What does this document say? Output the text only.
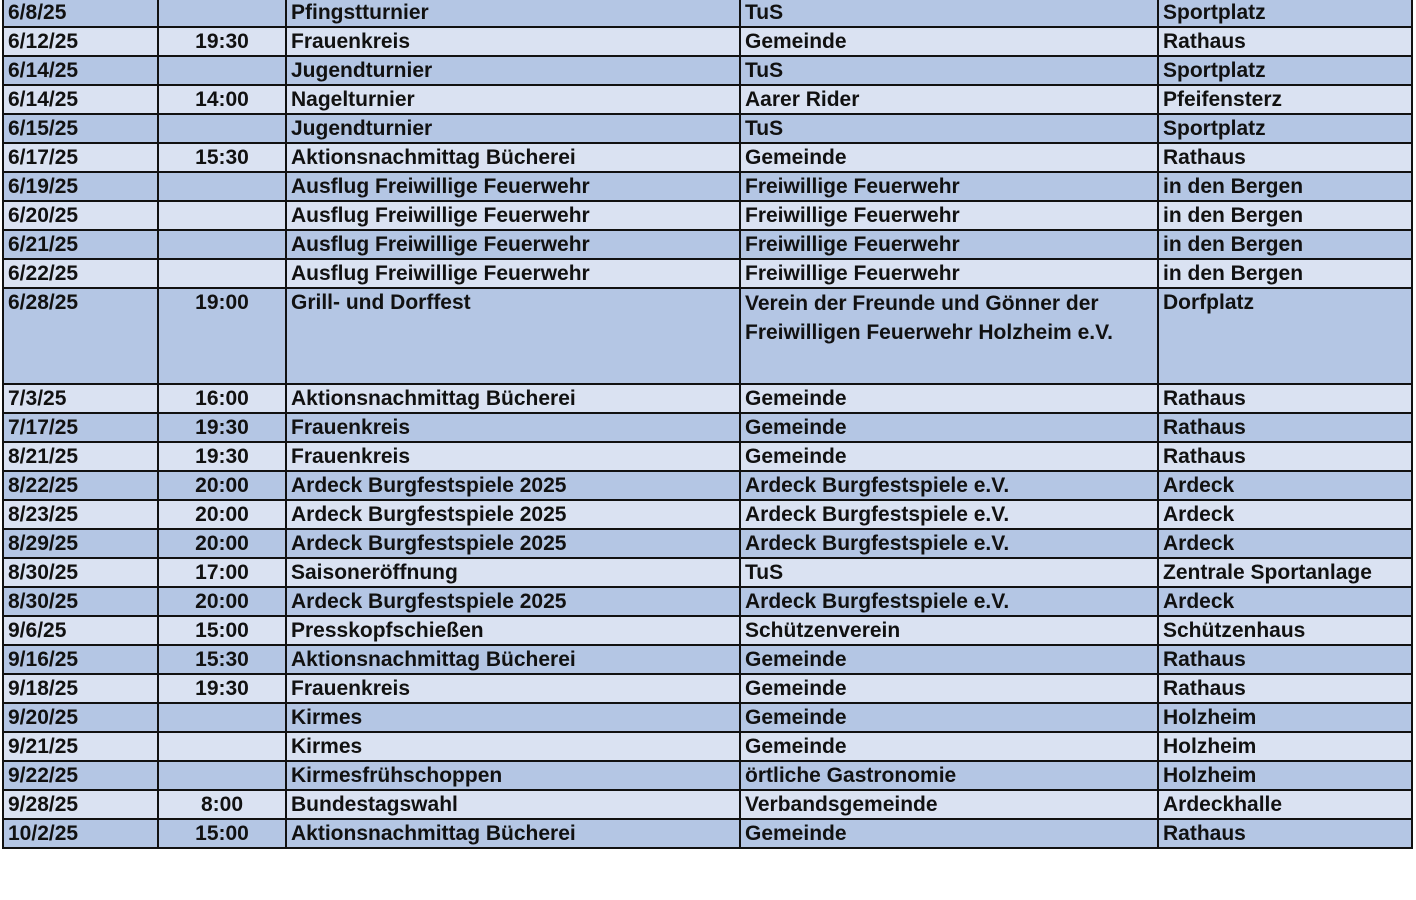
6/8/25		Pfingstturnier	TuS	Sportplatz
6/12/25	19:30	Frauenkreis	Gemeinde	Rathaus
6/14/25		Jugendturnier	TuS	Sportplatz
6/14/25	14:00	Nagelturnier	Aarer Rider	Pfeifensterz
6/15/25		Jugendturnier	TuS	Sportplatz
6/17/25	15:30	Aktionsnachmittag Bücherei	Gemeinde	Rathaus
6/19/25		Ausflug Freiwillige Feuerwehr	Freiwillige Feuerwehr	in den Bergen
6/20/25		Ausflug Freiwillige Feuerwehr	Freiwillige Feuerwehr	in den Bergen
6/21/25		Ausflug Freiwillige Feuerwehr	Freiwillige Feuerwehr	in den Bergen
6/22/25		Ausflug Freiwillige Feuerwehr	Freiwillige Feuerwehr	in den Bergen
6/28/25	19:00	Grill- und Dorffest	Verein der Freunde und Gönner der Freiwilligen Feuerwehr Holzheim e.V.	Dorfplatz
7/3/25	16:00	Aktionsnachmittag Bücherei	Gemeinde	Rathaus
7/17/25	19:30	Frauenkreis	Gemeinde	Rathaus
8/21/25	19:30	Frauenkreis	Gemeinde	Rathaus
8/22/25	20:00	Ardeck Burgfestspiele 2025	Ardeck Burgfestspiele e.V.	Ardeck
8/23/25	20:00	Ardeck Burgfestspiele 2025	Ardeck Burgfestspiele e.V.	Ardeck
8/29/25	20:00	Ardeck Burgfestspiele 2025	Ardeck Burgfestspiele e.V.	Ardeck
8/30/25	17:00	Saisoneröffnung	TuS	Zentrale Sportanlage
8/30/25	20:00	Ardeck Burgfestspiele 2025	Ardeck Burgfestspiele e.V.	Ardeck
9/6/25	15:00	Presskopfschießen	Schützenverein	Schützenhaus
9/16/25	15:30	Aktionsnachmittag Bücherei	Gemeinde	Rathaus
9/18/25	19:30	Frauenkreis	Gemeinde	Rathaus
9/20/25		Kirmes	Gemeinde	Holzheim
9/21/25		Kirmes	Gemeinde	Holzheim
9/22/25		Kirmesfrühschoppen	örtliche Gastronomie	Holzheim
9/28/25	8:00	Bundestagswahl	Verbandsgemeinde	Ardeckhalle
10/2/25	15:00	Aktionsnachmittag Bücherei	Gemeinde	Rathaus
